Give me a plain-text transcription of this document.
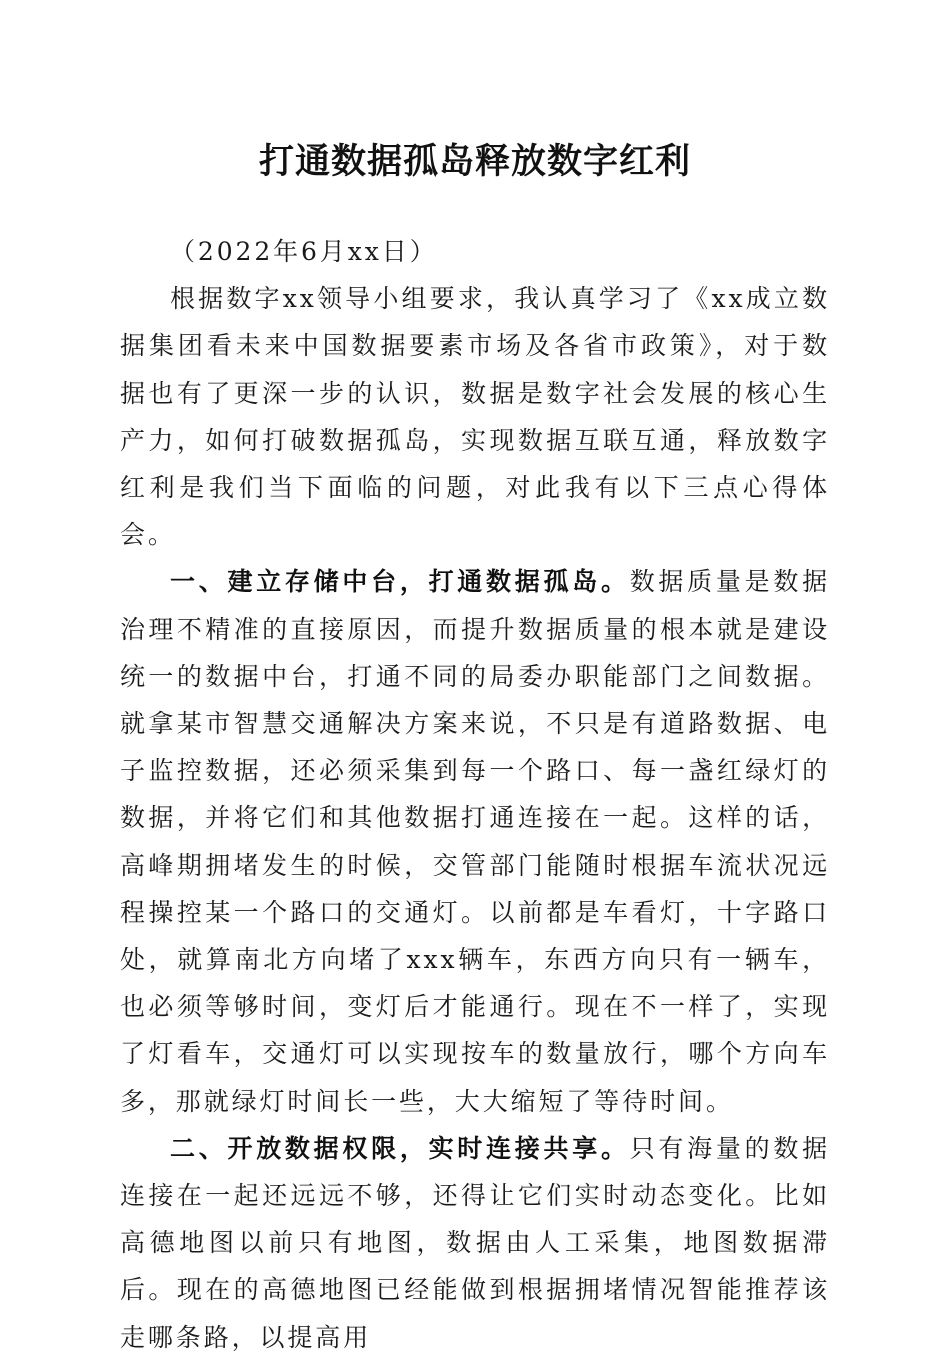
打通数据孤岛释放数字红利

（2022年6月xx日）

根据数字xx领导小组要求，我认真学习了《xx成立数据集团看未来中国数据要素市场及各省市政策》，对于数据也有了更深一步的认识，数据是数字社会发展的核心生产力，如何打破数据孤岛，实现数据互联互通，释放数字红利是我们当下面临的问题，对此我有以下三点心得体会。

一、建立存储中台，打通数据孤岛。数据质量是数据治理不精准的直接原因，而提升数据质量的根本就是建设统一的数据中台，打通不同的局委办职能部门之间数据。就拿某市智慧交通解决方案来说，不只是有道路数据、电子监控数据，还必须采集到每一个路口、每一盏红绿灯的数据，并将它们和其他数据打通连接在一起。这样的话，高峰期拥堵发生的时候，交管部门能随时根据车流状况远程操控某一个路口的交通灯。以前都是车看灯，十字路口处，就算南北方向堵了xxx辆车，东西方向只有一辆车，也必须等够时间，变灯后才能通行。现在不一样了，实现了灯看车，交通灯可以实现按车的数量放行，哪个方向车多，那就绿灯时间长一些，大大缩短了等待时间。

二、开放数据权限，实时连接共享。只有海量的数据连接在一起还远远不够，还得让它们实时动态变化。比如高德地图以前只有地图，数据由人工采集，地图数据滞后。现在的高德地图已经能做到根据拥堵情况智能推荐该走哪条路，以提高用
